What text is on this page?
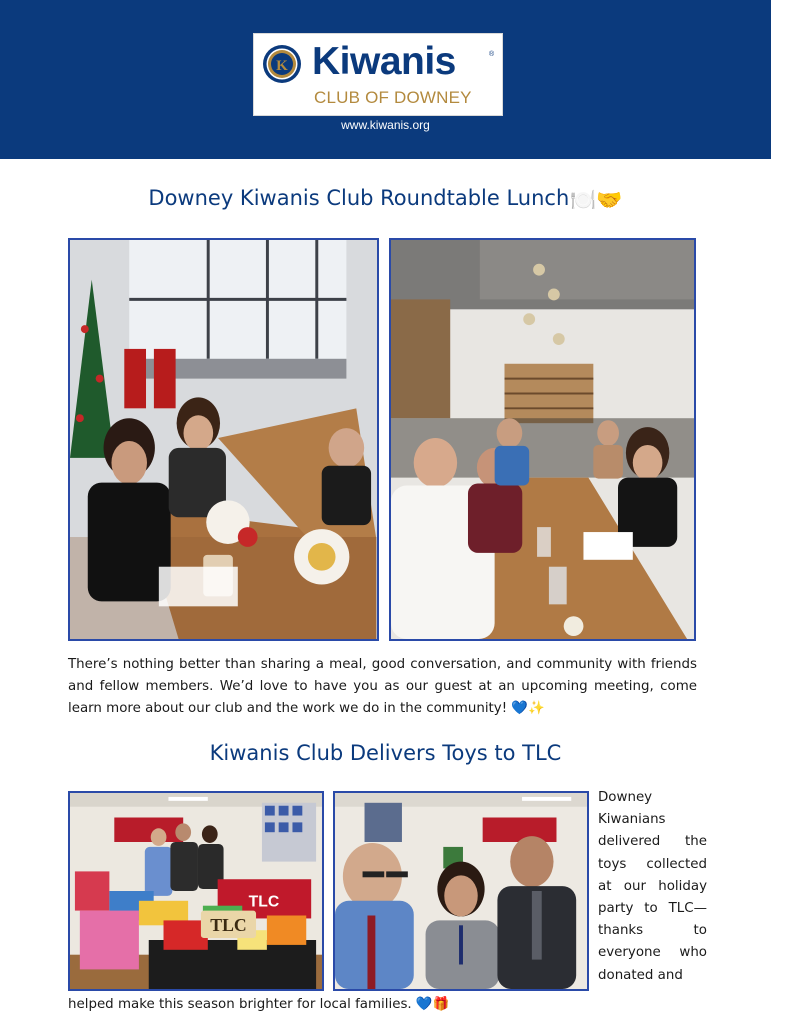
K Kiwanis	®
CLUB OF DOWNEY
www.kiwanis.org
Downey Kiwanis Club Roundtable Lunch🍽️🤝

There’s nothing better than sharing a meal, good conversation, and community with friends and fellow members. We’d love to have you as our guest at an upcoming meeting, come learn more about our club and the work we do in the community! 💙✨

Kiwanis Club Delivers Toys to TLC
TLC
TLC

Downey Kiwanians delivered the toys collected at our holiday party to TLC—thanks to everyone who donated and

helped make this season brighter for local families. 💙🎁
